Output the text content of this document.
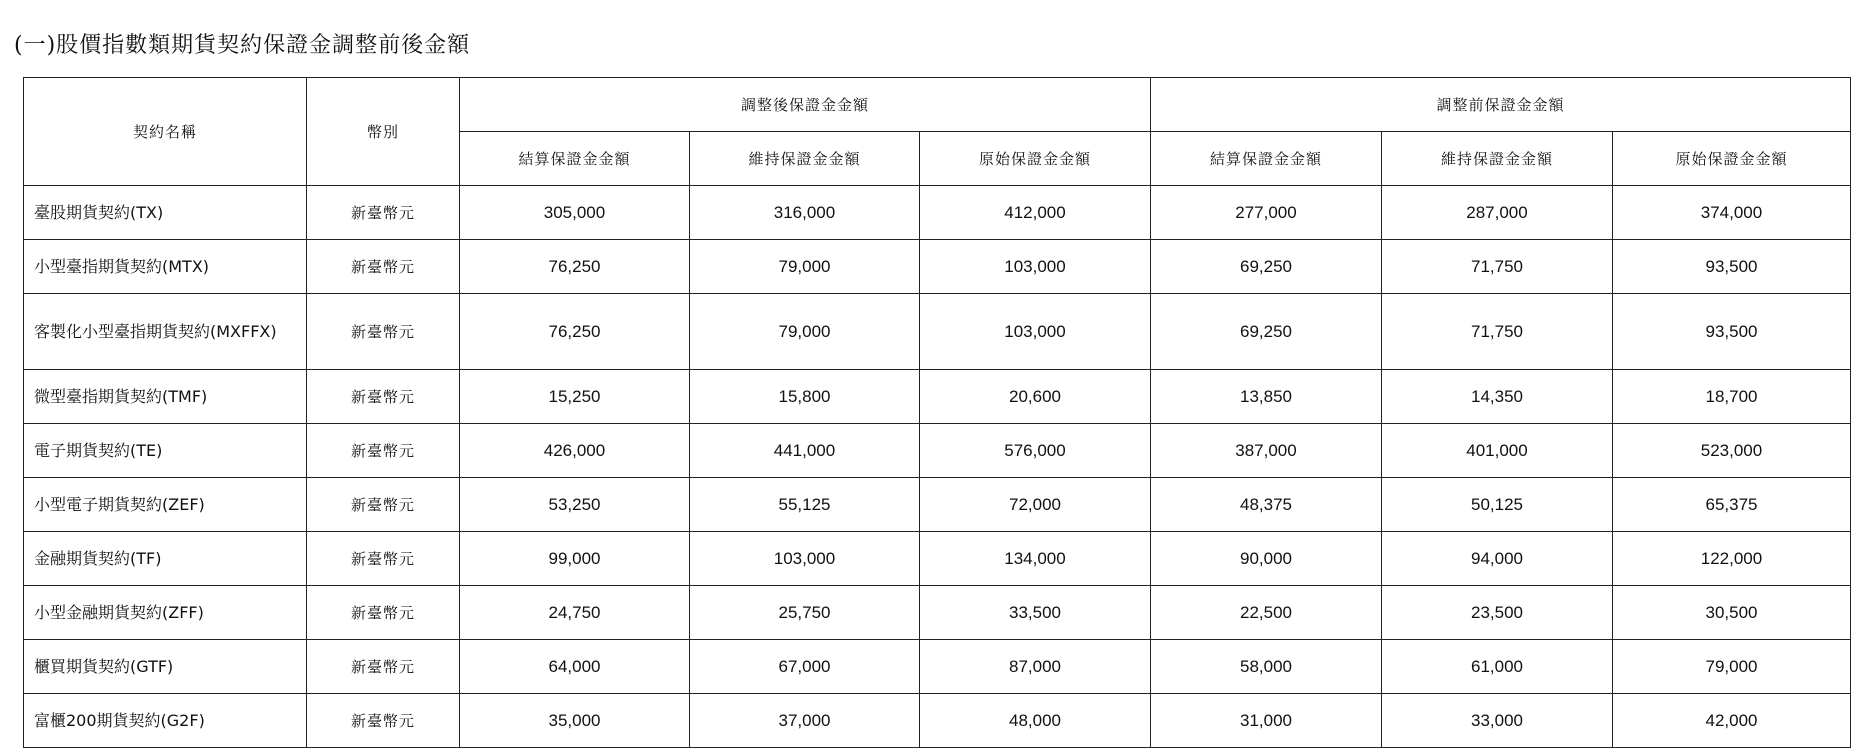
(一)股價指數類期貨契約保證金調整前後金額
契約名稱	幣別	調整後保證金金額			調整前保證金金額		
		結算保證金金額	維持保證金金額	原始保證金金額	結算保證金金額	維持保證金金額	原始保證金金額
臺股期貨契約(TX)	新臺幣元	305,000	316,000	412,000	277,000	287,000	374,000
小型臺指期貨契約(MTX)	新臺幣元	76,250	79,000	103,000	69,250	71,750	93,500
客製化小型臺指期貨契約(MXFFX)	新臺幣元	76,250	79,000	103,000	69,250	71,750	93,500
微型臺指期貨契約(TMF)	新臺幣元	15,250	15,800	20,600	13,850	14,350	18,700
電子期貨契約(TE)	新臺幣元	426,000	441,000	576,000	387,000	401,000	523,000
小型電子期貨契約(ZEF)	新臺幣元	53,250	55,125	72,000	48,375	50,125	65,375
金融期貨契約(TF)	新臺幣元	99,000	103,000	134,000	90,000	94,000	122,000
小型金融期貨契約(ZFF)	新臺幣元	24,750	25,750	33,500	22,500	23,500	30,500
櫃買期貨契約(GTF)	新臺幣元	64,000	67,000	87,000	58,000	61,000	79,000
富櫃200期貨契約(G2F)	新臺幣元	35,000	37,000	48,000	31,000	33,000	42,000
